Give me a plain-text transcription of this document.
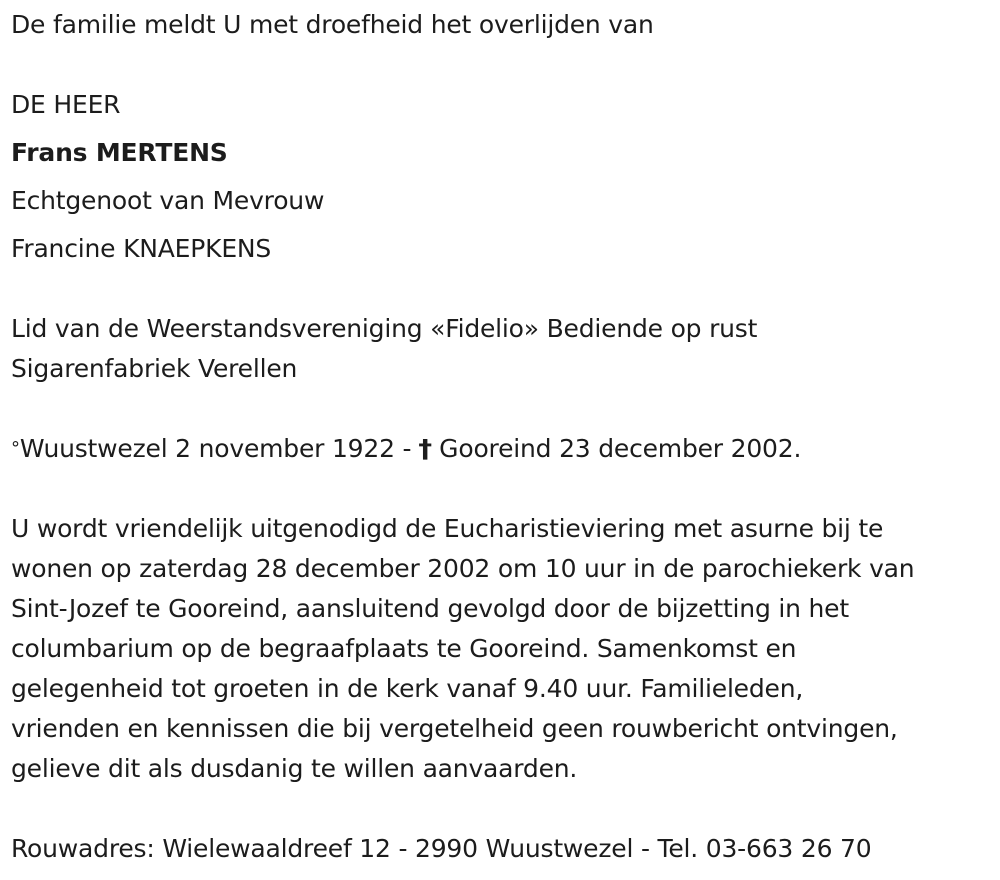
De familie meldt U met droefheid het overlijden van
DE HEER
Frans MERTENS
Echtgenoot van Mevrouw
Francine KNAEPKENS
Lid van de Weerstandsvereniging «Fidelio» Bediende op rust
Sigarenfabriek Verellen
°Wuustwezel 2 november 1922 - † Gooreind 23 december 2002.
U wordt vriendelijk uitgenodigd de Eucharistieviering met asurne bij te
wonen op zaterdag 28 december 2002 om 10 uur in de parochiekerk van
Sint-Jozef te Gooreind, aansluitend gevolgd door de bijzetting in het
columbarium op de begraafplaats te Gooreind. Samenkomst en
gelegenheid tot groeten in de kerk vanaf 9.40 uur. Familieleden,
vrienden en kennissen die bij vergetelheid geen rouwbericht ontvingen,
gelieve dit als dusdanig te willen aanvaarden.
Rouwadres: Wielewaaldreef 12 - 2990 Wuustwezel - Tel. 03-663 26 70
